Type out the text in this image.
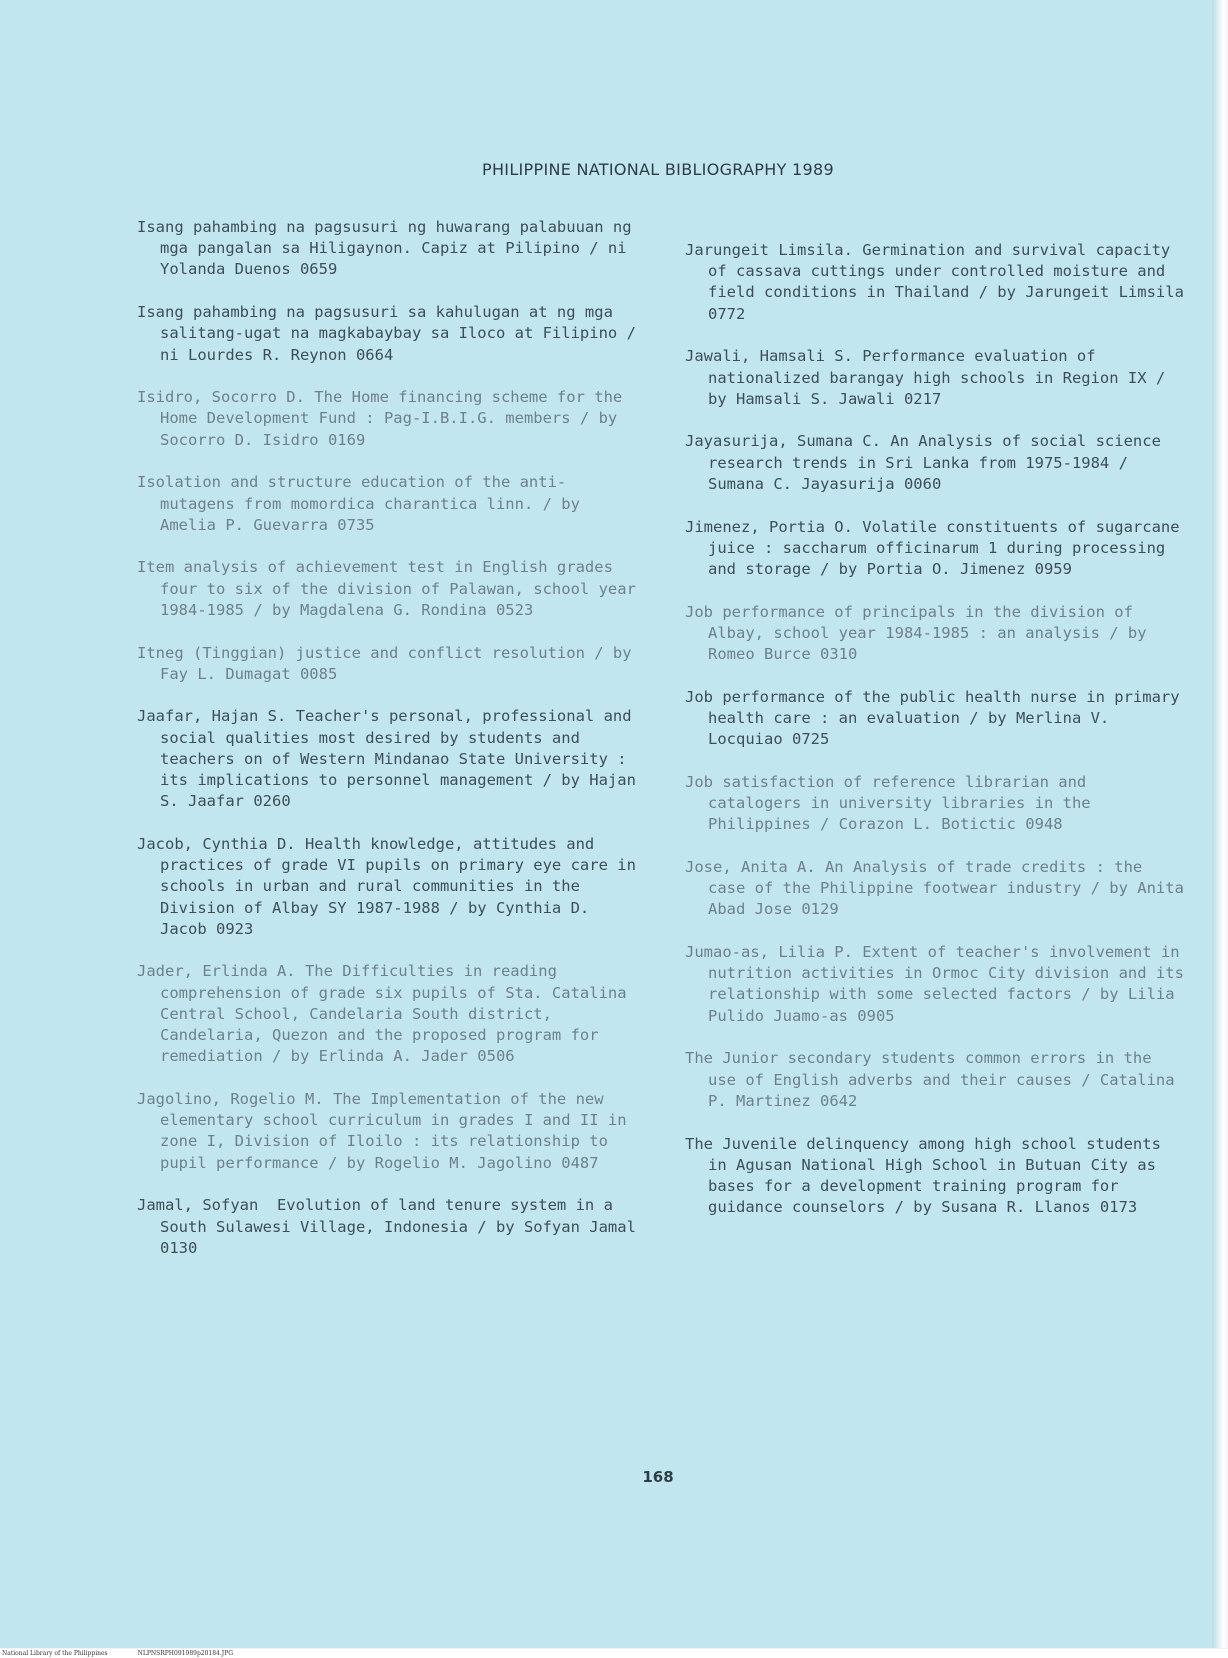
PHILIPPINE NATIONAL BIBLIOGRAPHY 1989

Isang pahambing na pagsusuri ng huwarang palabuuan ng mga pangalan sa Hiligaynon. Capiz at Pilipino / ni Yolanda Duenos 0659

Isang pahambing na pagsusuri sa kahulugan at ng mga salitang-ugat na magkabaybay sa Iloco at Filipino / ni Lourdes R. Reynon 0664

Isidro, Socorro D. The Home financing scheme for the Home Development Fund : Pag-I.B.I.G. members / by Socorro D. Isidro 0169

Isolation and structure education of the anti-mutagens from momordica charantica linn. / by Amelia P. Guevarra 0735

Item analysis of achievement test in English grades four to six of the division of Palawan, school year 1984-1985 / by Magdalena G. Rondina 0523

Itneg (Tinggian) justice and conflict resolution / by Fay L. Dumagat 0085

Jaafar, Hajan S. Teacher's personal, professional and social qualities most desired by students and teachers on of Western Mindanao State University : its implications to personnel management / by Hajan S. Jaafar 0260

Jacob, Cynthia D. Health knowledge, attitudes and practices of grade VI pupils on primary eye care in schools in urban and rural communities in the Division of Albay SY 1987-1988 / by Cynthia D. Jacob 0923

Jader, Erlinda A. The Difficulties in reading comprehension of grade six pupils of Sta. Catalina Central School, Candelaria South district, Candelaria, Quezon and the proposed program for remediation / by Erlinda A. Jader 0506

Jagolino, Rogelio M. The Implementation of the new elementary school curriculum in grades I and II in zone I, Division of Iloilo : its relationship to pupil performance / by Rogelio M. Jagolino 0487

Jamal, Sofyan  Evolution of land tenure system in a South Sulawesi Village, Indonesia / by Sofyan Jamal 0130

Jarungeit Limsila. Germination and survival capacity of cassava cuttings under controlled moisture and field conditions in Thailand / by Jarungeit Limsila 0772

Jawali, Hamsali S. Performance evaluation of nationalized barangay high schools in Region IX / by Hamsali S. Jawali 0217

Jayasurija, Sumana C. An Analysis of social science research trends in Sri Lanka from 1975-1984 / Sumana C. Jayasurija 0060

Jimenez, Portia O. Volatile constituents of sugarcane juice : saccharum officinarum 1 during processing and storage / by Portia O. Jimenez 0959

Job performance of principals in the division of Albay, school year 1984-1985 : an analysis / by Romeo Burce 0310

Job performance of the public health nurse in primary health care : an evaluation / by Merlina V. Locquiao 0725

Job satisfaction of reference librarian and catalogers in university libraries in the Philippines / Corazon L. Botictic 0948

Jose, Anita A. An Analysis of trade credits : the case of the Philippine footwear industry / by Anita Abad Jose 0129

Jumao-as, Lilia P. Extent of teacher's involvement in nutrition activities in Ormoc City division and its relationship with some selected factors / by Lilia Pulido Juamo-as 0905

The Junior secondary students common errors in the use of English adverbs and their causes / Catalina P. Martinez 0642

The Juvenile delinquency among high school students in Agusan National High School in Butuan City as bases for a development training program for guidance counselors / by Susana R. Llanos 0173

168
National Library of the Philippines	NLPNSRPH091989p20184.JPG
